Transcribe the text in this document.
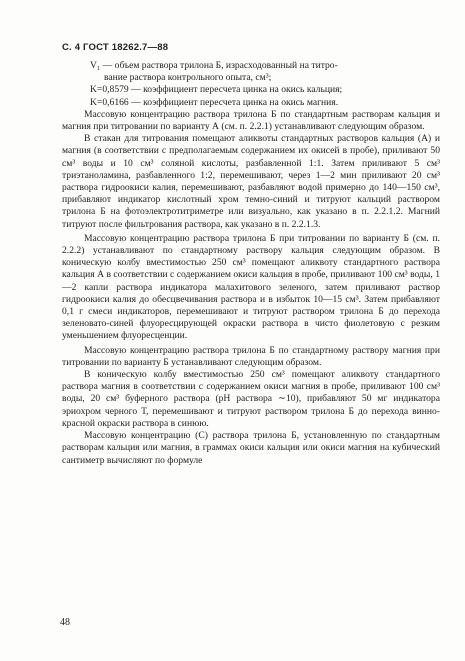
С. 4 ГОСТ 18262.7—88

V₁ — объем раствора трилона Б, израсходованный на титро-
вание раствора контрольного опыта, см³;

K=0,8579 — коэффициент пересчета цинка на окись кальция;

K=0,6166 — коэффициент пересчета цинка на окись магния.

Массовую концентрацию раствора трилона Б по стандартным растворам кальция и магния при титровании по варианту А (см. п. 2.2.1) устанавливают следующим образом.

В стакан для титрования помещают аликвоты стандартных растворов кальция (А) и магния (в соответствии с предполагаемым содержанием их окисей в пробе), приливают 50 см³ воды и 10 см³ соляной кислоты, разбавленной 1:1. Затем приливают 5 см³ триэтаноламина, разбавленного 1:2, перемешивают, через 1—2 мин приливают 20 см³ раствора гидроокиси калия, перемешивают, разбавляют водой примерно до 140—150 см³, прибавляют индикатор кислотный хром темно-синий и титруют кальций раствором трилона Б на фотоэлектротитриметре или визуально, как указано в п. 2.2.1.2. Магний титруют после фильтрования раствора, как указано в п. 2.2.1.3.

Массовую концентрацию раствора трилона Б при титровании по варианту Б (см. п. 2.2.2) устанавливают по стандартному раствору кальция следующим образом. В коническую колбу вместимостью 250 см³ помещают аликвоту стандартного раствора кальция А в соответствии с содержанием окиси кальция в пробе, приливают 100 см³ воды, 1—2 капли раствора индикатора малахитового зеленого, затем приливают раствор гидроокиси калия до обесцвечивания раствора и в избыток 10—15 см³. Затем прибавляют 0,1 г смеси индикаторов, перемешивают и титруют раствором трилона Б до перехода зеленовато-синей флуоресцирующей окраски раствора в чисто фиолетовую с резким уменьшением флуоресценции.

Массовую концентрацию раствора трилона Б по стандартному раствору магния при титровании по варианту Б устанавливают следующим образом.

В коническую колбу вместимостью 250 см³ помещают аликвоту стандартного раствора магния в соответствии с содержанием окиси магния в пробе, приливают 100 см³ воды, 20 см³ буферного раствора (рН раствора ∼10), прибавляют 50 мг индикатора эриохром черного Т, перемешивают и титруют раствором трилона Б до перехода винно-красной окраски раствора в синюю.

Массовую концентрацию (C) раствора трилона Б, установленную по стандартным растворам кальция или магния, в граммах окиси кальция или окиси магния на кубический сантиметр вычисляют по формуле

48
